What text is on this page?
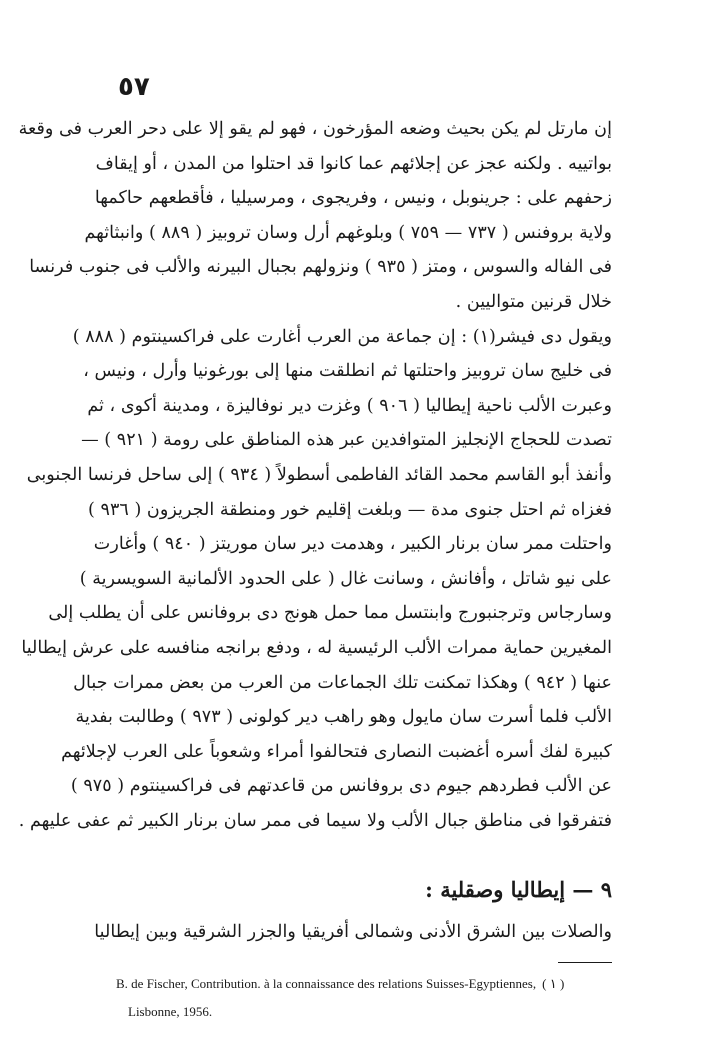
٥٧
إن مارتل لم يكن بحيث وضعه المؤرخون ، فهو لم يقو إلا على دحر العرب فى وقعة
بواتييه . ولكنه عجز عن إجلائهم عما كانوا قد احتلوا من المدن ، أو إيقاف
زحفهم على : جرينوبل ، ونيس ، وفريجوى ، ومرسيليا ، فأقطعهم حاكمها
ولاية بروفنس ( ٧٣٧ — ٧٥٩ ) وبلوغهم أرل وسان تروبيز ( ٨٨٩ ) وانبثاثهم
فى الفاله والسوس ، ومتز ( ٩٣٥ ) ونزولهم بجبال البيرنه والألب فى جنوب فرنسا
خلال قرنين متواليين .
ويقول دى فيشر(١) : إن جماعة من العرب أغارت على فراكسينتوم ( ٨٨٨ )
فى خليج سان تروبيز واحتلتها ثم انطلقت منها إلى بورغونيا وأرل ، ونيس ،
وعبرت الألب ناحية إيطاليا ( ٩٠٦ ) وغزت دير نوفاليزة ، ومدينة أكوى ، ثم
تصدت للحجاج الإنجليز المتوافدين عبر هذه المناطق على رومة ( ٩٢١ ) —
وأنفذ أبو القاسم محمد القائد الفاطمى أسطولاً ( ٩٣٤ ) إلى ساحل فرنسا الجنوبى
فغزاه ثم احتل جنوى مدة — وبلغت إقليم خور ومنطقة الجريزون ( ٩٣٦ )
واحتلت ممر سان برنار الكبير ، وهدمت دير سان موريتز ( ٩٤٠ ) وأغارت
على نيو شاتل ، وأفانش ، وسانت غال ( على الحدود الألمانية السويسرية )
وسارجاس وترجنبورج وابنتسل مما حمل هونج دى بروفانس على أن يطلب إلى
المغيرين حماية ممرات الألب الرئيسية له ، ودفع برانجه منافسه على عرش إيطاليا
عنها ( ٩٤٢ ) وهكذا تمكنت تلك الجماعات من العرب من بعض ممرات جبال
الألب فلما أسرت سان مايول وهو راهب دير كولونى ( ٩٧٣ ) وطالبت بفدية
كبيرة لفك أسره أغضبت النصارى فتحالفوا أمراء وشعوباً على العرب لإجلائهم
عن الألب فطردهم جيوم دى بروفانس من قاعدتهم فى فراكسينتوم ( ٩٧٥ )
فتفرقوا فى مناطق جبال الألب ولا سيما فى ممر سان برنار الكبير ثم عفى عليهم .
٩ — إيطاليا وصقلية :
والصلات بين الشرق الأدنى وشمالى أفريقيا والجزر الشرقية وبين إيطاليا
B. de Fischer, Contribution. à la connaissance des relations Suisses-Egyptiennes, ( ١ )
Lisbonne, 1956.
